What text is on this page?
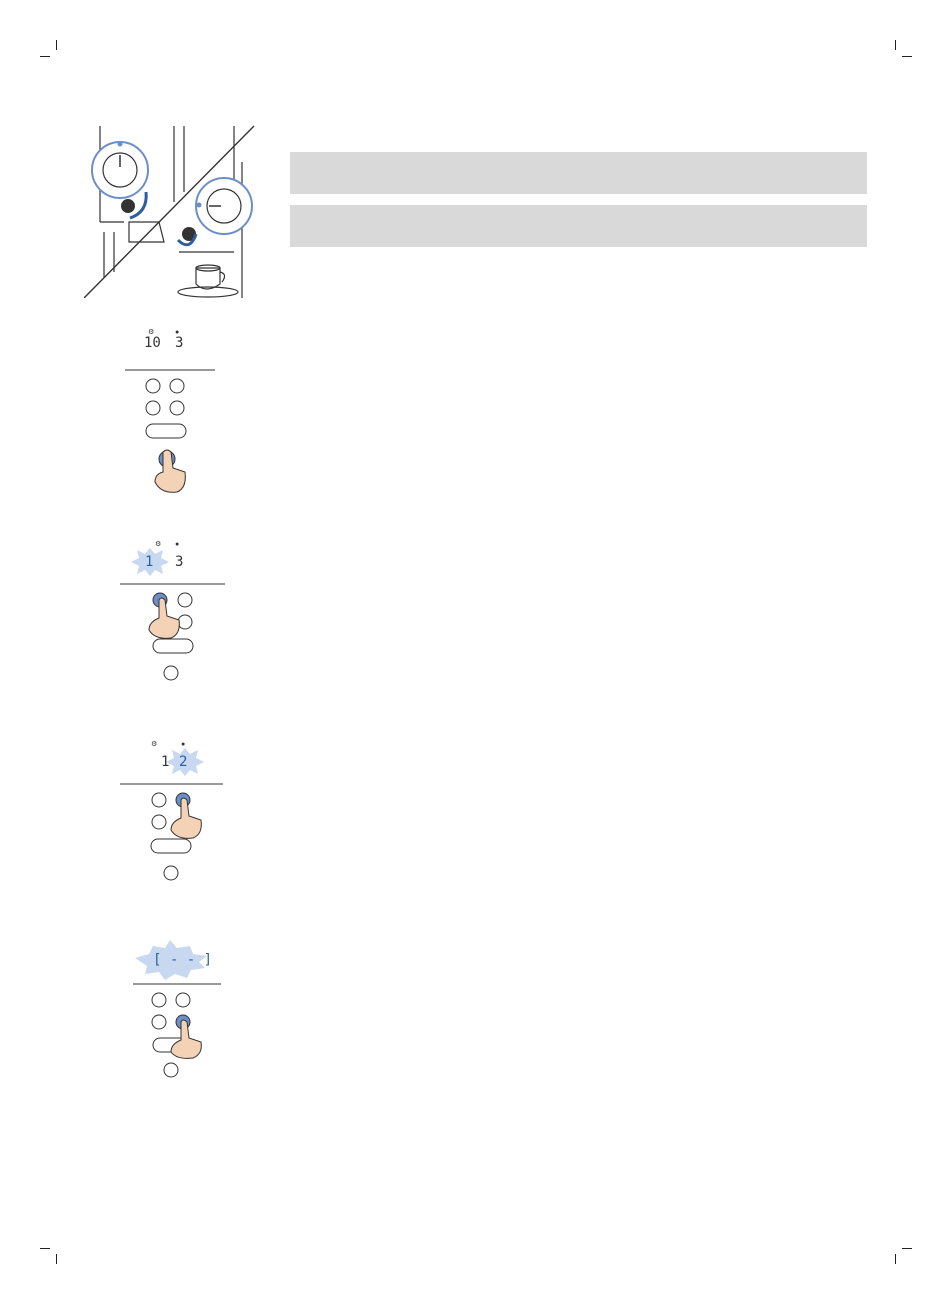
⚙	●
10 3
⚙ ●
1 3
⚙	●
1 2
[ - - ]
